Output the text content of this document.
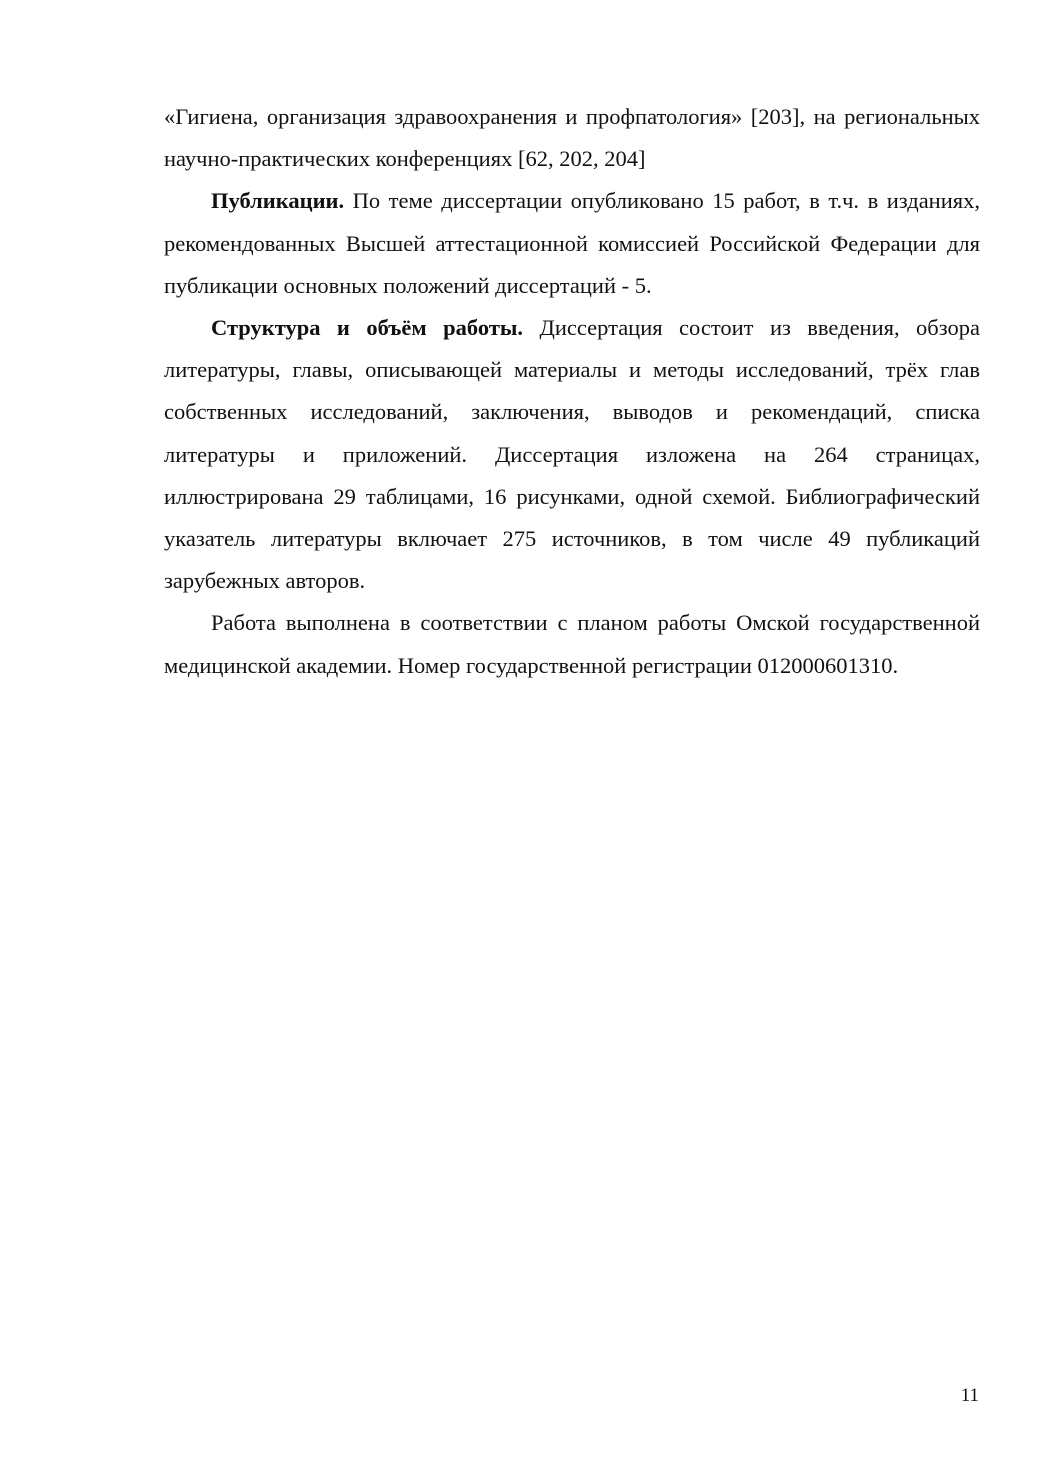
«Гигиена, организация здравоохранения и профпатология» [203], на региональных научно-практических конференциях [62, 202, 204]

Публикации. По теме диссертации опубликовано 15 работ, в т.ч. в изданиях, рекомендованных Высшей аттестационной комиссией Российской Федерации для публикации основных положений диссертаций - 5.

Структура и объём работы. Диссертация состоит из введения, обзора литературы, главы, описывающей материалы и методы исследований, трёх глав собственных исследований, заключения, выводов и рекомендаций, списка литературы и приложений. Диссертация изложена на 264 страницах, иллюстрирована 29 таблицами, 16 рисунками, одной схемой. Библиографический указатель литературы включает 275 источников, в том числе 49 публикаций зарубежных авторов.

Работа выполнена в соответствии с планом работы Омской государственной медицинской академии. Номер государственной регистрации 012000601310.

11
